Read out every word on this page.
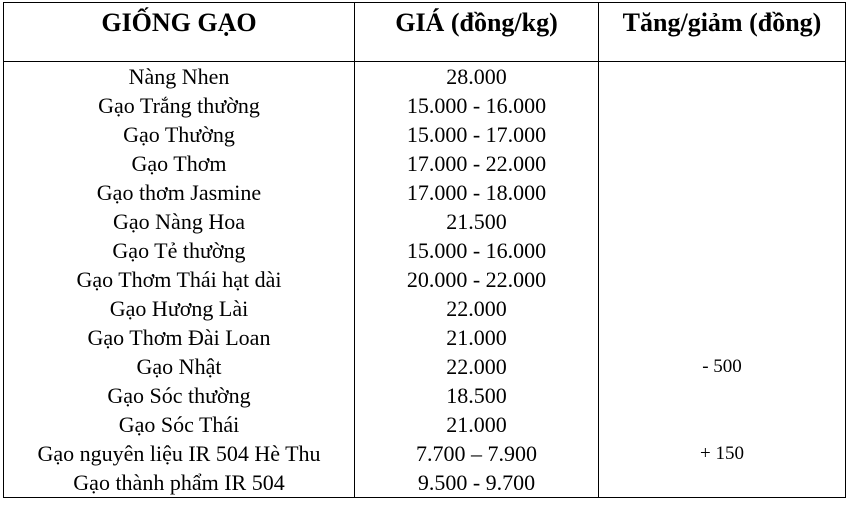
GIỐNG GẠO	GIÁ (đồng/kg)	Tăng/giảm (đồng)
Nàng Nhen	28.000	
Gạo Trắng thường	15.000 - 16.000	
Gạo Thường	15.000 - 17.000	
Gạo Thơm	17.000 - 22.000	
Gạo thơm Jasmine	17.000 - 18.000	
Gạo Nàng Hoa	21.500	
Gạo Tẻ thường	15.000 - 16.000	
Gạo Thơm Thái hạt dài	20.000 - 22.000	
Gạo Hương Lài	22.000	
Gạo Thơm Đài Loan	21.000	
Gạo Nhật	22.000	- 500
Gạo Sóc thường	18.500	
Gạo Sóc Thái	21.000	
Gạo nguyên liệu IR 504 Hè Thu	7.700 – 7.900	+ 150
Gạo thành phẩm IR 504	9.500 - 9.700	
